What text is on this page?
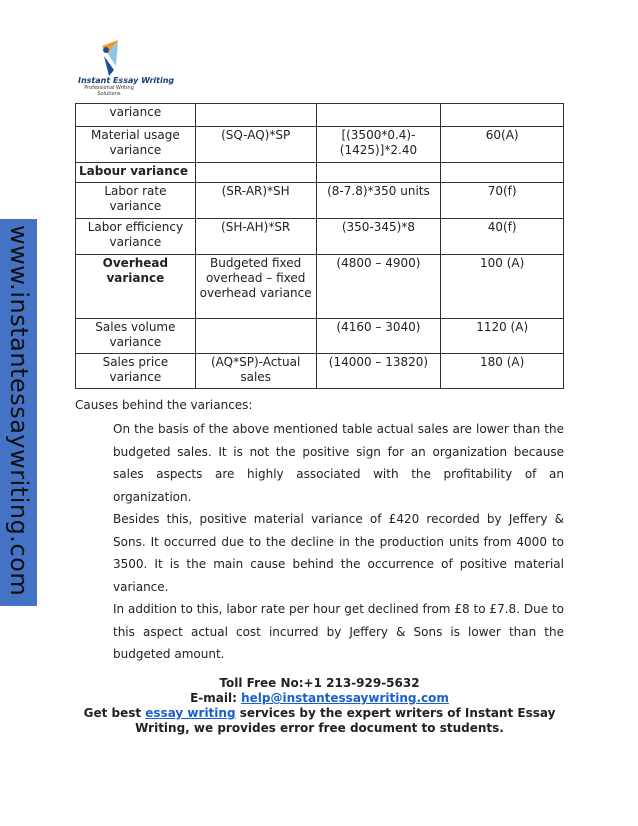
Instant Essay Writing
Professional Writing Solutions
www.instantessaywriting.com
variance			
Material usage variance	(SQ-AQ)*SP	[(3500*0.4)-(1425)]*2.40	60(A)
Labour variance			
Labor rate variance	(SR-AR)*SH	(8-7.8)*350 units	70(f)
Labor efficiency variance	(SH-AH)*SR	(350-345)*8	40(f)
Overhead variance	Budgeted fixed overhead – fixed overhead variance	(4800 – 4900)	100 (A)
Sales volume variance		(4160 – 3040)	1120 (A)
Sales price variance	(AQ*SP)-Actual sales	(14000 – 13820)	180 (A)
Causes behind the variances:
On the basis of the above mentioned table actual sales are lower than the budgeted sales. It is not the positive sign for an organization because sales aspects are highly associated with the profitability of an organization.
Besides this, positive material variance of £420 recorded by Jeffery & Sons. It occurred due to the decline in the production units from 4000 to 3500. It is the main cause behind the occurrence of positive material variance.
In addition to this, labor rate per hour get declined from £8 to £7.8. Due to this aspect actual cost incurred by Jeffery & Sons is lower than the budgeted amount.
Toll Free No:+1 213-929-5632
E-mail: help@instantessaywriting.com
Get best essay writing services by the expert writers of Instant Essay Writing, we provides error free document to students.
